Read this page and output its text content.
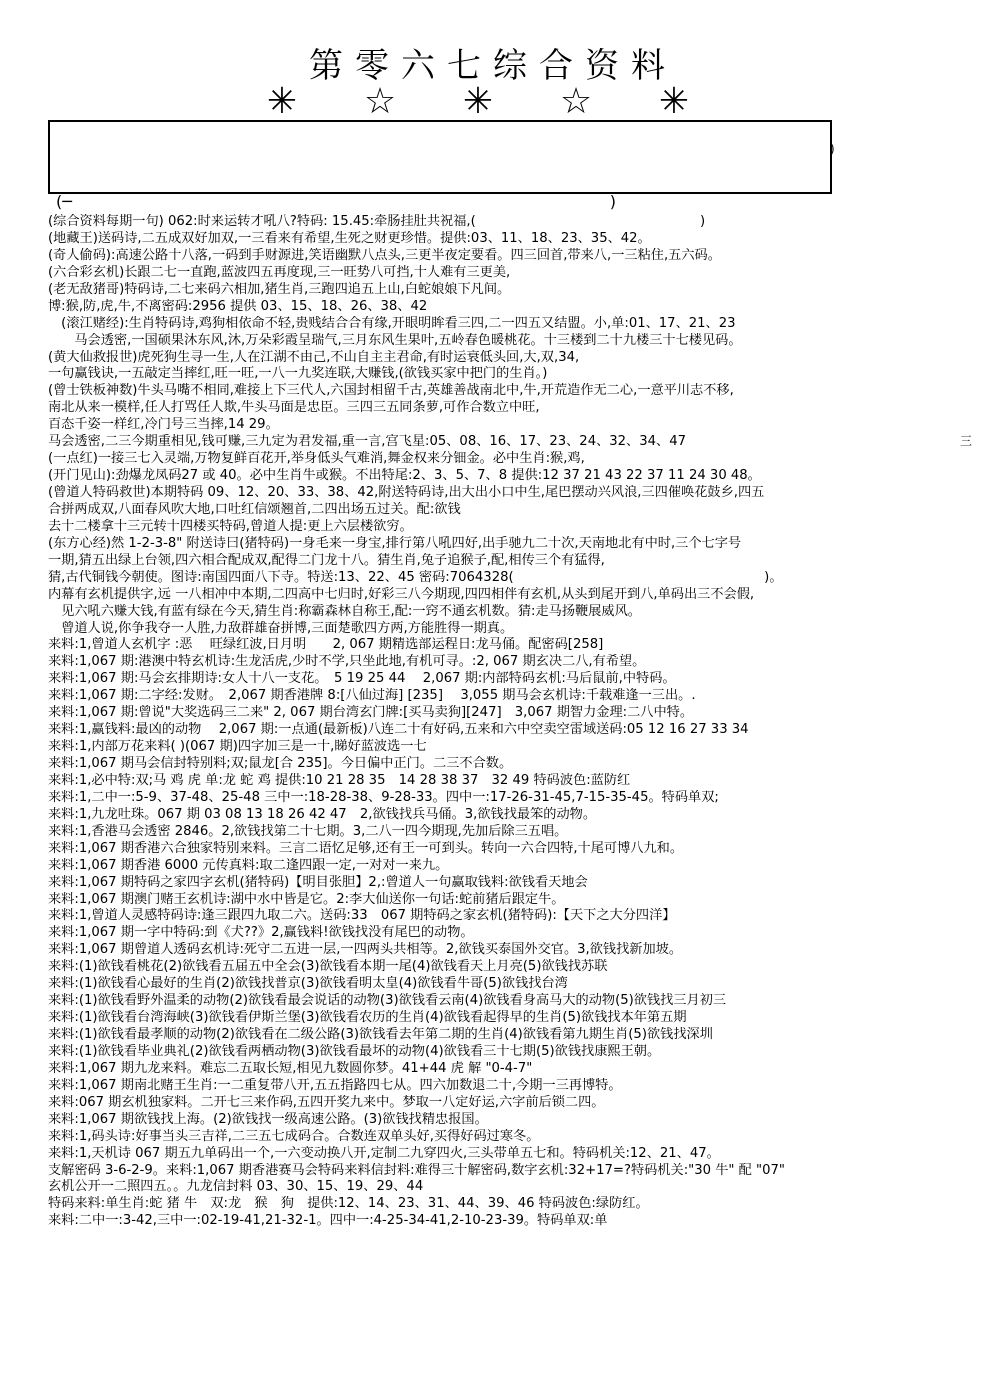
第零六七综合资料
✳ ☆ ✳ ☆ ✳
)
(─	)
(综合资料每期一句) 062:时来运转才吼八?特码: 15.45:牵肠挂肚共祝福,(　　　　　　　　　　　　　　　　　)
(地藏王)送码诗,二五成双好加双,一三看来有希望,生死之财更珍惜。提供:03、11、18、23、35、42。
(奇人偷码):高速公路十八落,一码到手财源进,笑语幽默八点头,三更半夜定要看。四三回首,带来八,一三粘住,五六码。
(六合彩玄机)长跟二七一直跑,蓝波四五再度现,三一旺势八可挡,十人难有三更美,
(老无敌猪哥)特码诗,二七来码六相加,猪生肖,三跑四追五上山,白蛇娘娘下凡间。
博:猴,防,虎,牛,不离密码:2956 提供 03、15、18、26、38、42
　(滚江赌经):生肖特码诗,鸡狗相依命不轻,贵贱结合合有缘,开眼明眸看三四,二一四五又结盟。小,单:01、17、21、23
　　马会透密,一国硕果沐东风,沐,万朵彩霞呈瑞气,三月东风生果叶,五岭春色暖桃花。十三楼到二十九楼三十七楼见码。
(黄大仙救报世)虎死狗生寻一生,人在江湖不由己,不山自主主君命,有时运衰低头回,大,双,34,
一句赢钱诀,一五敲定当摔红,旺一旺,一八一九奖连联,大赚钱,(欲钱买家中把门的生肖。)
(曾士铁板神数)牛头马嘴不相同,难接上下三代人,六国封相留千古,英雄善战南北中,牛,开荒造作无二心,一意平川志不移,
南北从来一模样,任人打骂任人欺,牛头马面是忠臣。三四三五同条萝,可作合数立中旺,
百态千姿一样红,冷门号三当摔,14 29。
马会透密,二三今期重相见,钱可赚,三九定为君发福,重一言,宫飞星:05、08、16、17、23、24、32、34、47
(一点红)一接三七入灵端,万物复鲜百花开,举身低头气难消,舞金权来分钿金。必中生肖:猴,鸡,
(开门见山):劲爆龙凤码27 或 40。必中生肖牛或猴。不出特尾:2、3、5、7、8 提供:12 37 21 43 22 37 11 24 30 48。
(曾道人特码救世)本期特码 09、12、20、33、38、42,附送特码诗,出大出小口中生,尾巴摆动兴风浪,三四催唤花鼓乡,四五
合拼两成双,八面春风吹大地,口吐红信颂翘首,二四出场五过关。配:欲钱
去十二楼拿十三元转十四楼买特码,曾道人提:更上六层楼欲穷。
(东方心经)然 1-2-3-8" 附送诗曰(猪特码)一身毛来一身宝,排行第八吼四好,出手驰九二十次,天南地北有中时,三个七字号
一期,猜五出绿上台领,四六相合配成双,配得二门龙十八。猜生肖,兔子追猴子,配,相传三个有猛得,
猜,古代铜钱今朝使。图诗:南国四面八下寺。特送:13、22、45 密码:7064328(　　　　　　　　　　　　　　　　　　　)。
内幕有玄机提供字,远 一八相冲中本期,二四高中七归时,好彩三八今期现,四四相伴有玄机,从头到尾开到八,单码出三不会假,
　见六吼六赚大钱,有蓝有绿在今天,猜生肖:称霸森林自称王,配:一窍不通玄机数。猜:走马扬鞭展威风。
　曾道人说,你争我夺一人胜,力敌群雄奋拼博,三面楚歌四方两,方能胜得一期真。
来料:1,曾道人玄机字 :恶　 旺绿红波,日月明　　2, 067 期精选部运程日:龙马俑。配密码[258]
来料:1,067 期:港澳中特玄机诗:生龙活虎,少时不学,只坐此地,有机可寻。:2, 067 期玄决二八,有希望。
来料:1,067 期:马会玄排期诗:女人十八一支花。　5 19 25 44　 2,067 期:内部特码玄机:马后鼠前,中特码。
来料:1,067 期:二字经:发财。　2,067 期香港牌 8:[八仙过海] [235]　 3,055 期马会玄机诗:千载难逢一三出。.
来料:1,067 期:曾说"大奖选码三二来" 2, 067 期台湾玄门牌:[买马卖狗][247]　3,067 期智力金理:二八中特。
来料:1,赢钱料:最凶的动物　 2,067 期:一点通(最新板)八连二十有好码,五来和六中空卖空雷域送码:05 12 16 27 33 34
来料:1,内部万花来料( )(067 期)四字加三是一十,睇好蓝波选一七
来料:1,067 期马会信封特别料;双;鼠龙[合 235]。今日偏中正门。二三不合数。
来料:1,必中特:双;马 鸡 虎 单:龙 蛇 鸡 提供:10 21 28 35　14 28 38 37　32 49 特码波色:蓝防红
来料:1,二中一:5-9、37-48、25-48 三中一:18-28-38、9-28-33。四中一:17-26-31-45,7-15-35-45。特码单双;
来料:1,九龙吐珠。067 期 03 08 13 18 26 42 47　2,欲钱找兵马俑。3,欲钱找最笨的动物。
来料:1,香港马会透密 2846。2,欲钱找第二十七期。3,二八一四今期现,先加后除三五唱。
来料:1,067 期香港六合独家特别来料。三言二语忆足够,还有王一可到头。转向一六合四特,十尾可博八九和。
来料:1,067 期香港 6000 元传真料:取二逢四跟一定,一对对一来九。
来料:1,067 期特码之家四字玄机(猪特码)【明目张胆】2,:曾道人一句赢取钱料:欲钱看天地会
来料:1,067 期澳门赌王玄机诗:湖中水中皆是它。2:李大仙送你一句话:蛇前猪后跟定牛。
来料:1,曾道人灵感特码诗:逢三跟四九取二六。送码:33　067 期特码之家玄机(猪特码):【天下之大分四洋】
来料:1,067 期一字中特码:到《犬??》2,赢钱料!欲钱找没有尾巴的动物。
来料:1,067 期曾道人透码玄机诗:死守二五进一层,一四两头共相等。2,欲钱买泰国外交官。3,欲钱找新加坡。
来料:(1)欲钱看桃花(2)欲钱看五届五中全会(3)欲钱看本期一尾(4)欲钱看天上月亮(5)欲钱找苏联
来料:(1)欲钱看心最好的生肖(2)欲钱找普京(3)欲钱看明太皇(4)欲钱看牛哥(5)欲钱找台湾
来料:(1)欲钱看野外温柔的动物(2)欲钱看最会说话的动物(3)欲钱看云南(4)欲钱看身高马大的动物(5)欲钱找三月初三
来料:(1)欲钱看台湾海峡(3)欲钱看伊斯兰堡(3)欲钱看农历的生肖(4)欲钱看起得早的生肖(5)欲钱找本年第五期
来料:(1)欲钱看最孝顺的动物(2)欲钱看在二级公路(3)欲钱看去年第二期的生肖(4)欲钱看第九期生肖(5)欲钱找深圳
来料:(1)欲钱看毕业典礼(2)欲钱看两栖动物(3)欲钱看最坏的动物(4)欲钱看三十七期(5)欲钱找康熙王朝。
来料:1,067 期九龙来料。难忘二五取长短,相见九数圆你梦。41+44 虎 解 "0-4-7"
来料:1,067 期南北赌王生肖:一二重复带八开,五五指路四七从。四六加数退二十,今期一三再博特。
来料:067 期玄机独家料。二开七三来作码,五四开奖九来中。梦取一八定好运,六字前后锁二四。
来料:1,067 期欲钱找上海。(2)欲钱找一级高速公路。(3)欲钱找精忠报国。
来料:1,码头诗:好事当头三吉祥,二三五七成码合。合数连双单头好,买得好码过寒冬。
来料:1,天机诗 067 期五九单码出一个,一六变动换八开,定制二九穿四火,三头带单五七和。特码机关:12、21、47。
支解密码 3-6-2-9。来料:1,067 期香港赛马会特码来料信封料:难得三十解密码,数字玄机:32+17=?特码机关:"30 牛" 配 "07"
玄机公开一二照四五。。九龙信封料 03、30、15、19、29、44
特码来料:单生肖:蛇 猪 牛　双:龙　猴　狗　提供:12、14、23、31、44、39、46 特码波色:绿防红。
来料:二中一:3-42,三中一:02-19-41,21-32-1。四中一:4-25-34-41,2-10-23-39。特码单双:单
三
